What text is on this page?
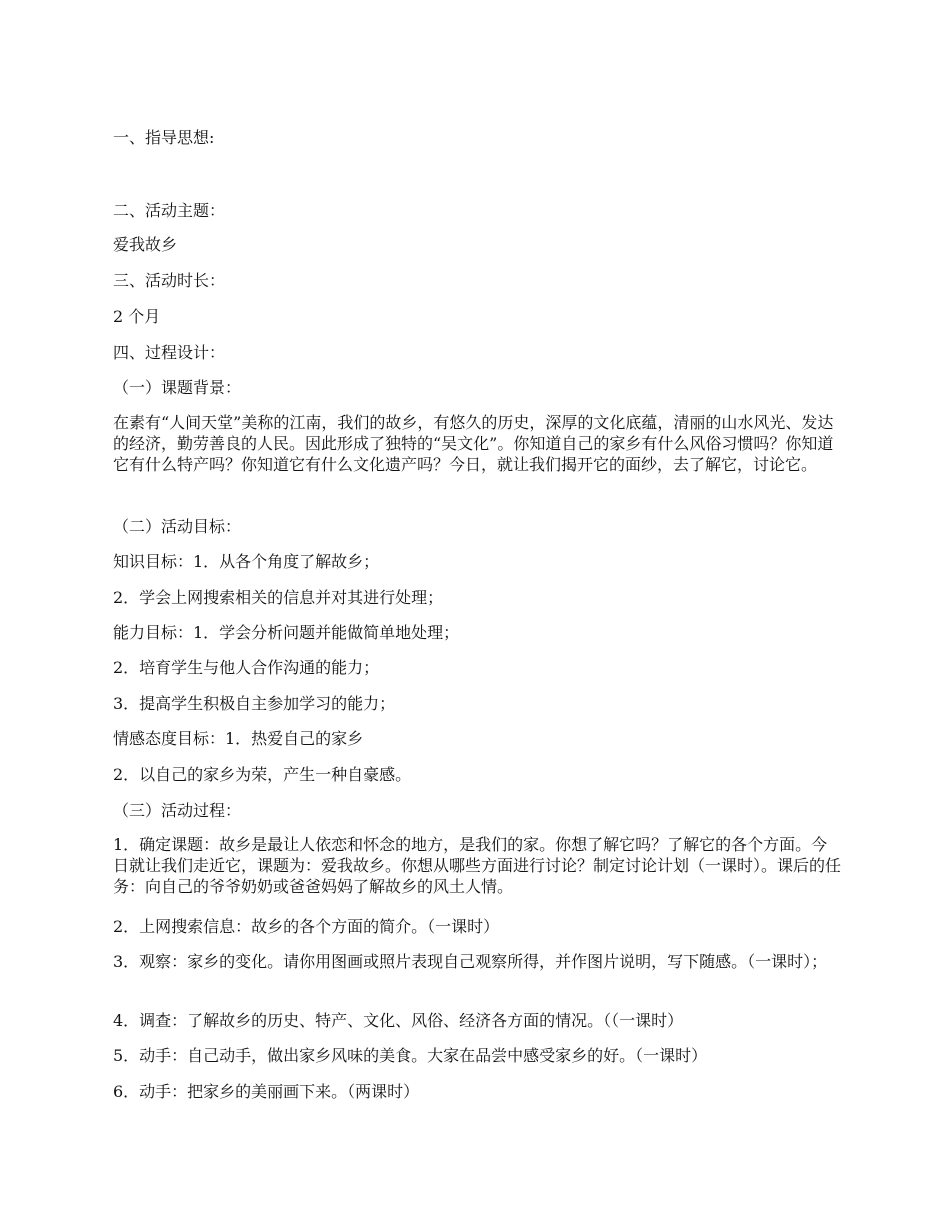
一、指导思想:

二、活动主题：

爱我故乡

三、活动时长：

2 个月

四、过程设计：

（一）课题背景：

在素有“人间天堂”美称的江南，我们的故乡，有悠久的历史，深厚的文化底蕴，清丽的山水风光、发达的经济，勤劳善良的人民。因此形成了独特的“吴文化”。你知道自己的家乡有什么风俗习惯吗？你知道它有什么特产吗？你知道它有什么文化遗产吗？今日，就让我们揭开它的面纱，去了解它，讨论它。

（二）活动目标：

知识目标：1．从各个角度了解故乡；

2．学会上网搜索相关的信息并对其进行处理；

能力目标：1．学会分析问题并能做简单地处理；

2．培育学生与他人合作沟通的能力；

3．提高学生积极自主参加学习的能力；

情感态度目标：1．热爱自己的家乡

2．以自己的家乡为荣，产生一种自豪感。

（三）活动过程：

1．确定课题：故乡是最让人依恋和怀念的地方，是我们的家。你想了解它吗？了解它的各个方面。今日就让我们走近它，课题为：爱我故乡。你想从哪些方面进行讨论？制定讨论计划（一课时）。课后的任务：向自己的爷爷奶奶或爸爸妈妈了解故乡的风土人情。

2．上网搜索信息：故乡的各个方面的简介。（一课时）

3．观察：家乡的变化。请你用图画或照片表现自己观察所得，并作图片说明，写下随感。（一课时）；

4．调查：了解故乡的历史、特产、文化、风俗、经济各方面的情况。（（一课时）

5．动手：自己动手，做出家乡风味的美食。大家在品尝中感受家乡的好。（一课时）

6．动手：把家乡的美丽画下来。（两课时）
